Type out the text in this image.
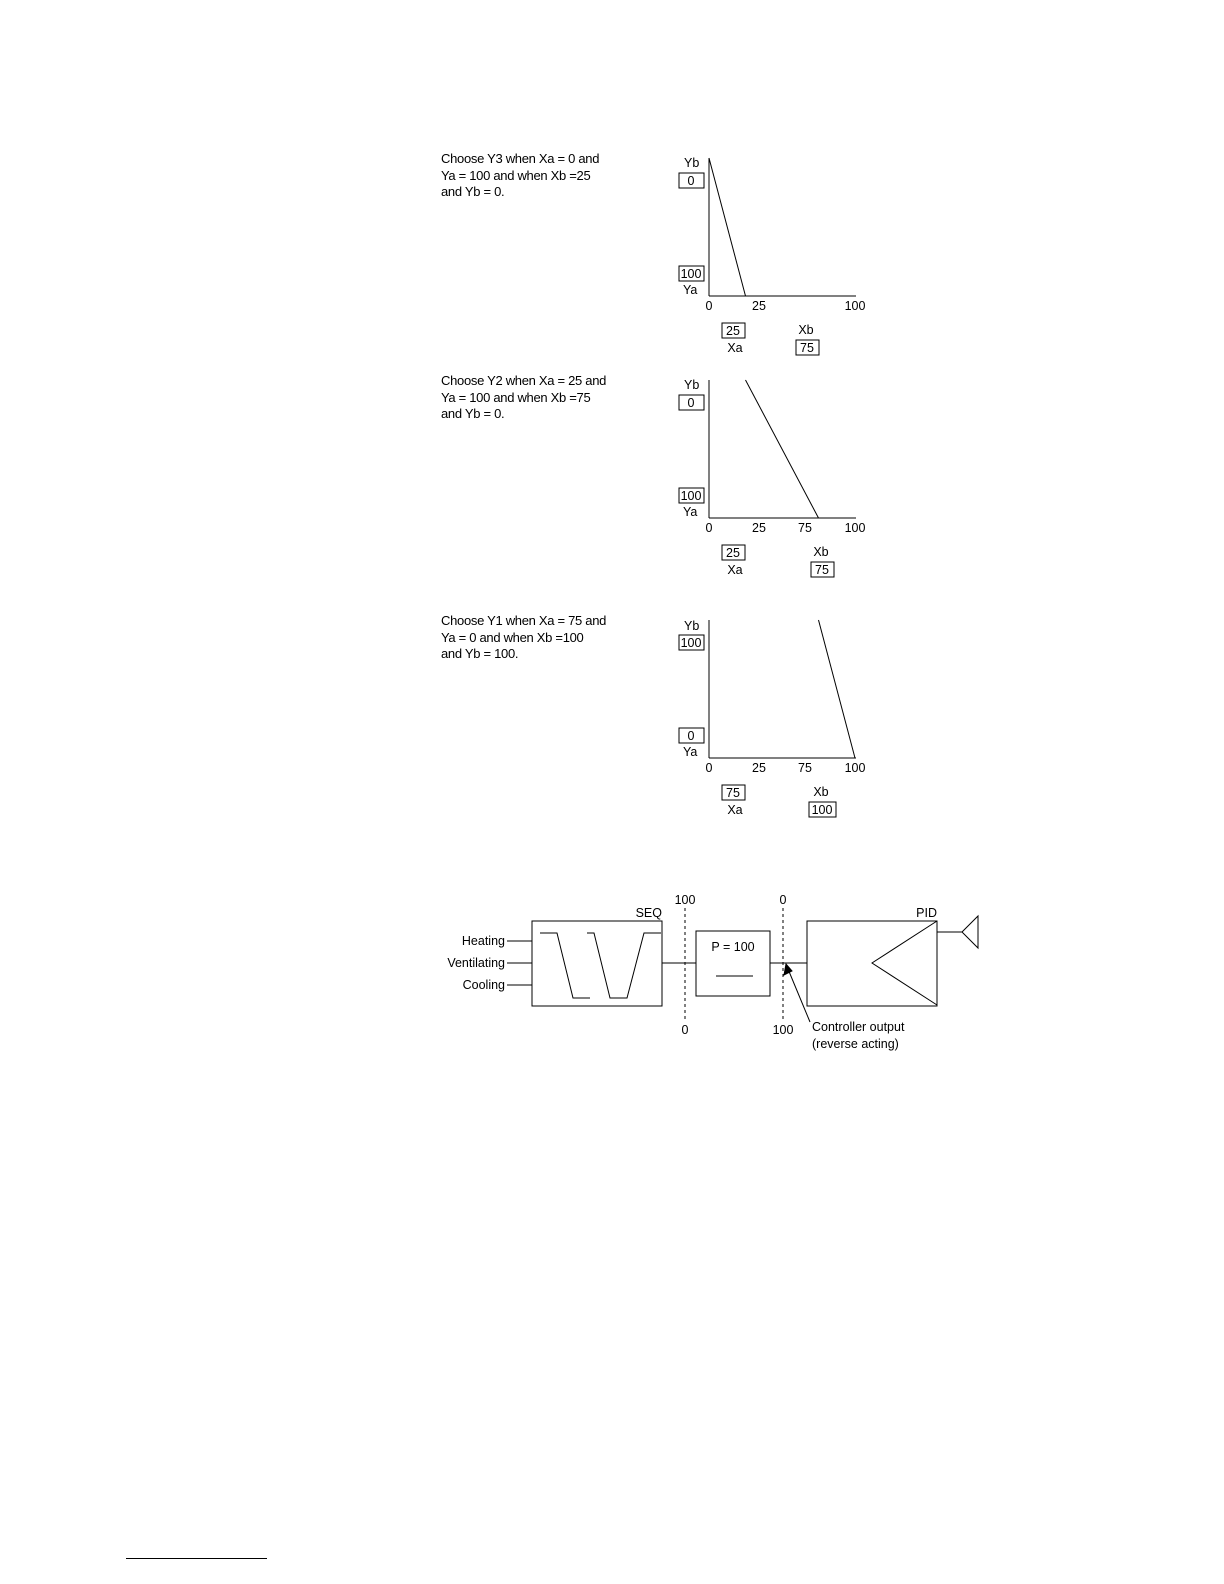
Choose Y3 when Xa = 0 and
Ya = 100 and when Xb =25
and Yb = 0.
Choose Y2 when Xa = 25 and
Ya = 100 and when Xb =75
and Yb = 0.
Choose Y1 when Xa = 75 and
Ya = 0 and when Xb =100
and Yb = 100.
Yb
0
100
Ya
0	25	100
25
Xa
Xb
75
Yb
0
100
Ya
0	25	75	100
25
Xa
Xb
75
Yb
100
0
Ya
0	25	75	100
75
Xa
Xb
100
Heating
Ventilating
Cooling
SEQ
100
0
P = 100
0
100
PID
Controller output
(reverse acting)
